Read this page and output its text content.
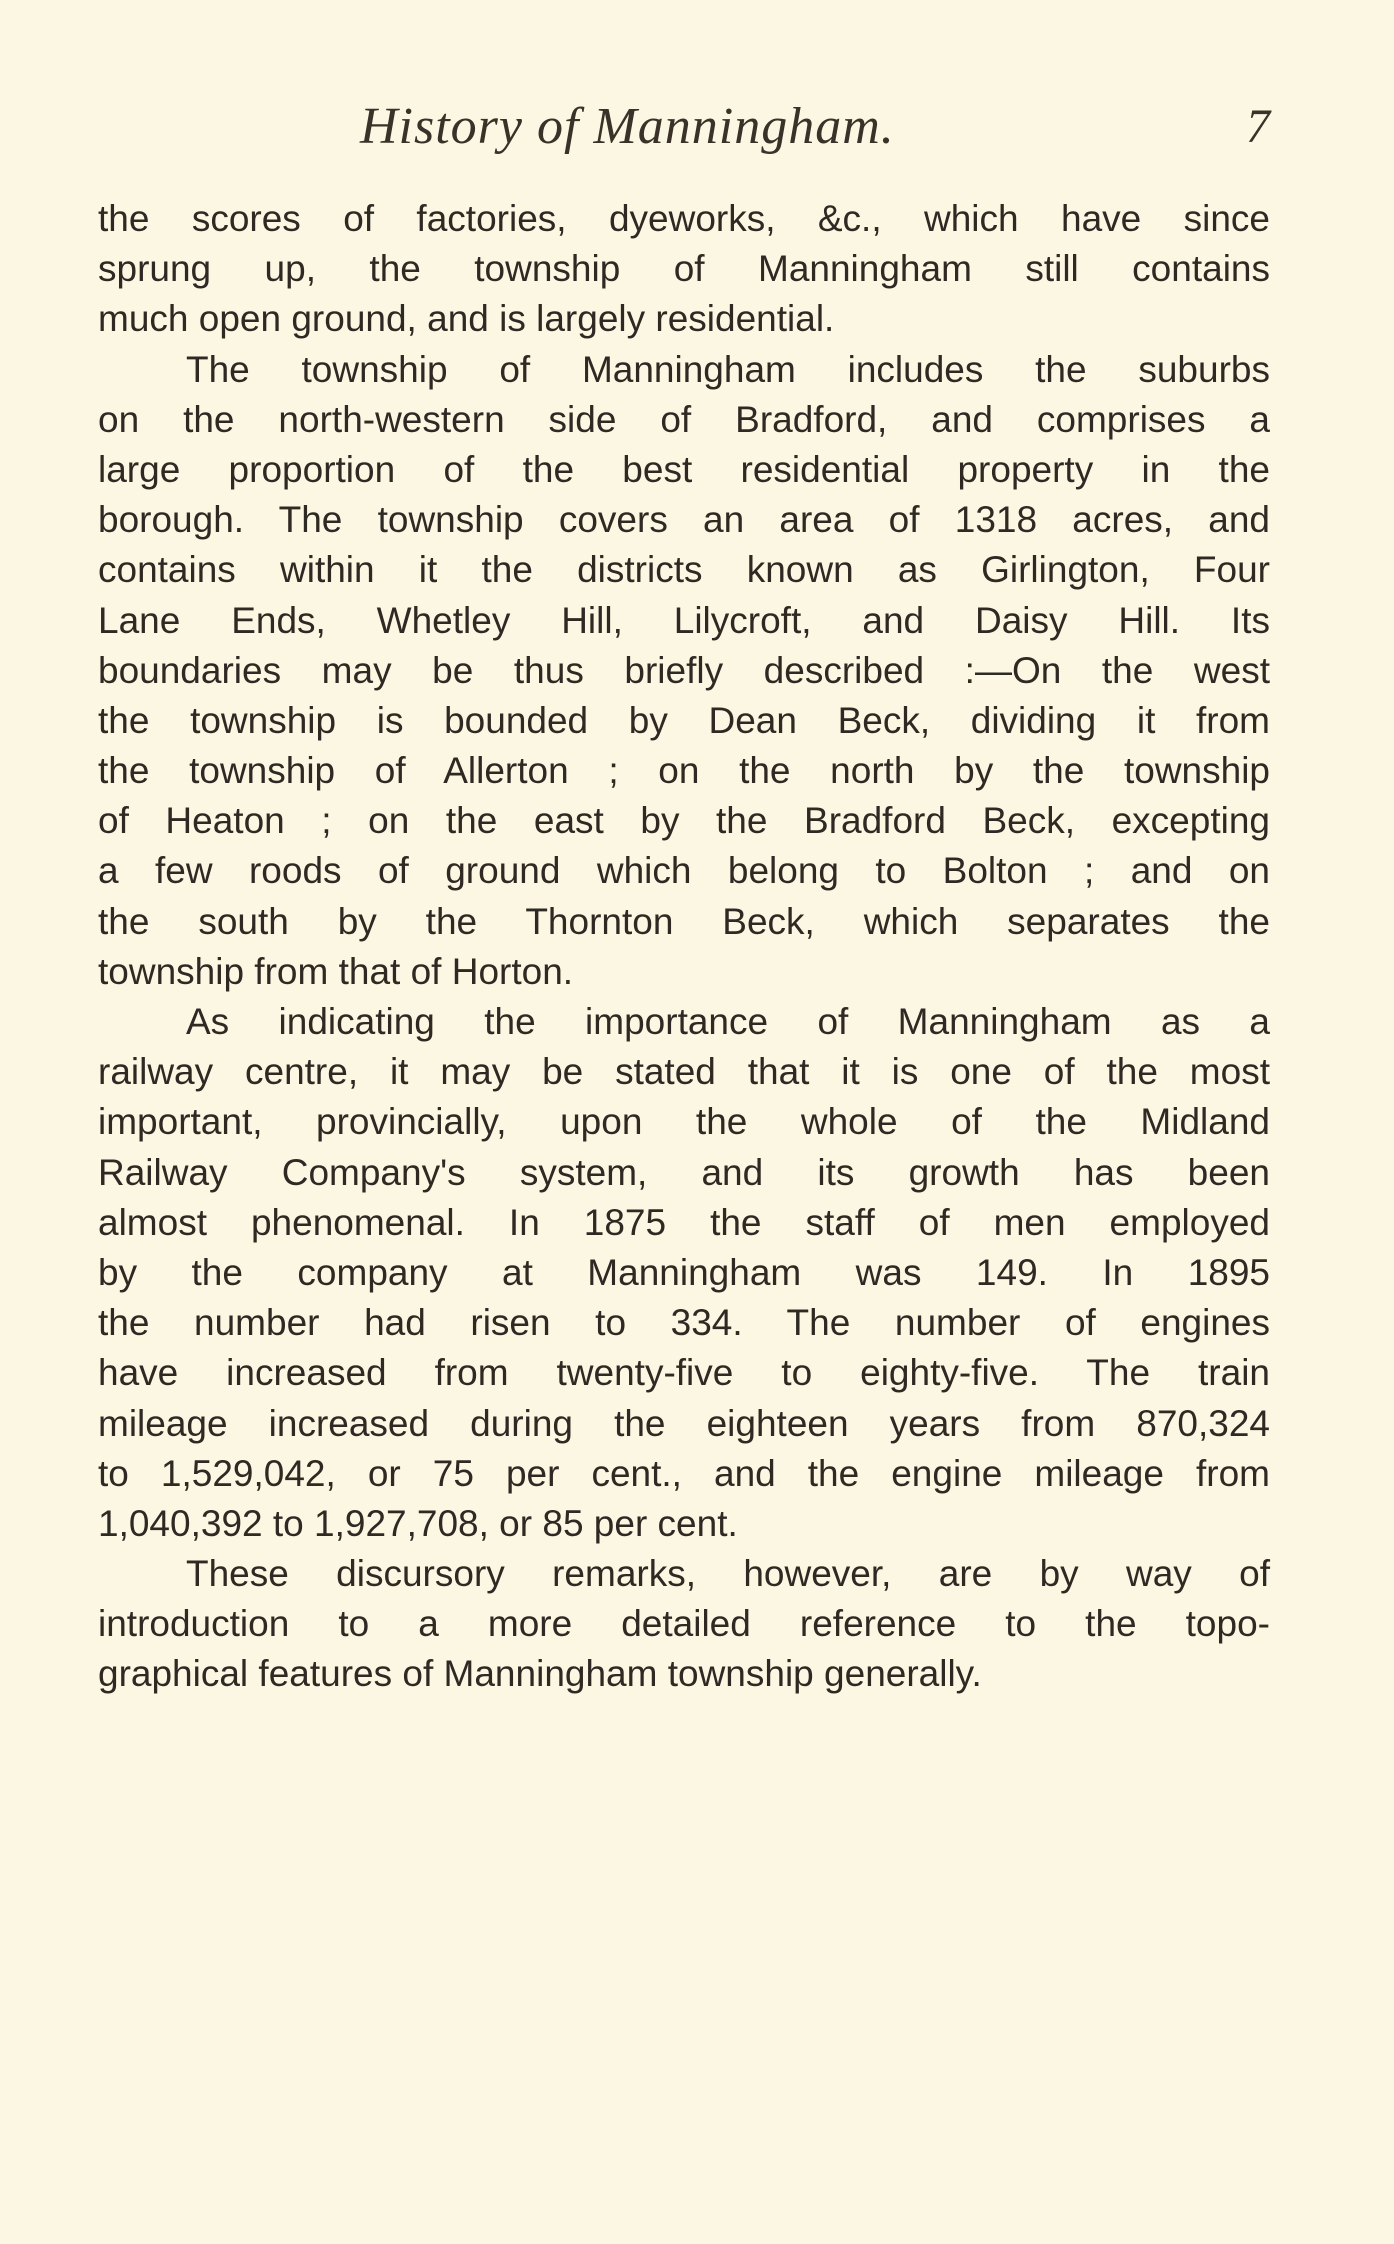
History of Manningham.	7

the scores of factories, dyeworks, &c., which have since
sprung up, the township of Manningham still contains
much open ground, and is largely residential.

The township of Manningham includes the suburbs
on the north-western side of Bradford, and comprises a
large proportion of the best residential property in the
borough. The township covers an area of 1318 acres, and
contains within it the districts known as Girlington, Four
Lane Ends, Whetley Hill, Lilycroft, and Daisy Hill. Its
boundaries may be thus briefly described :—On the west
the township is bounded by Dean Beck, dividing it from
the township of Allerton ; on the north by the township
of Heaton ; on the east by the Bradford Beck, excepting
a few roods of ground which belong to Bolton ; and on
the south by the Thornton Beck, which separates the
township from that of Horton.

As indicating the importance of Manningham as a
railway centre, it may be stated that it is one of the most
important, provincially, upon the whole of the Midland
Railway Company's system, and its growth has been
almost phenomenal. In 1875 the staff of men employed
by the company at Manningham was 149. In 1895
the number had risen to 334. The number of engines
have increased from twenty-five to eighty-five. The train
mileage increased during the eighteen years from 870,324
to 1,529,042, or 75 per cent., and the engine mileage from
1,040,392 to 1,927,708, or 85 per cent.

These discursory remarks, however, are by way of
introduction to a more detailed reference to the topo-
graphical features of Manningham township generally.
